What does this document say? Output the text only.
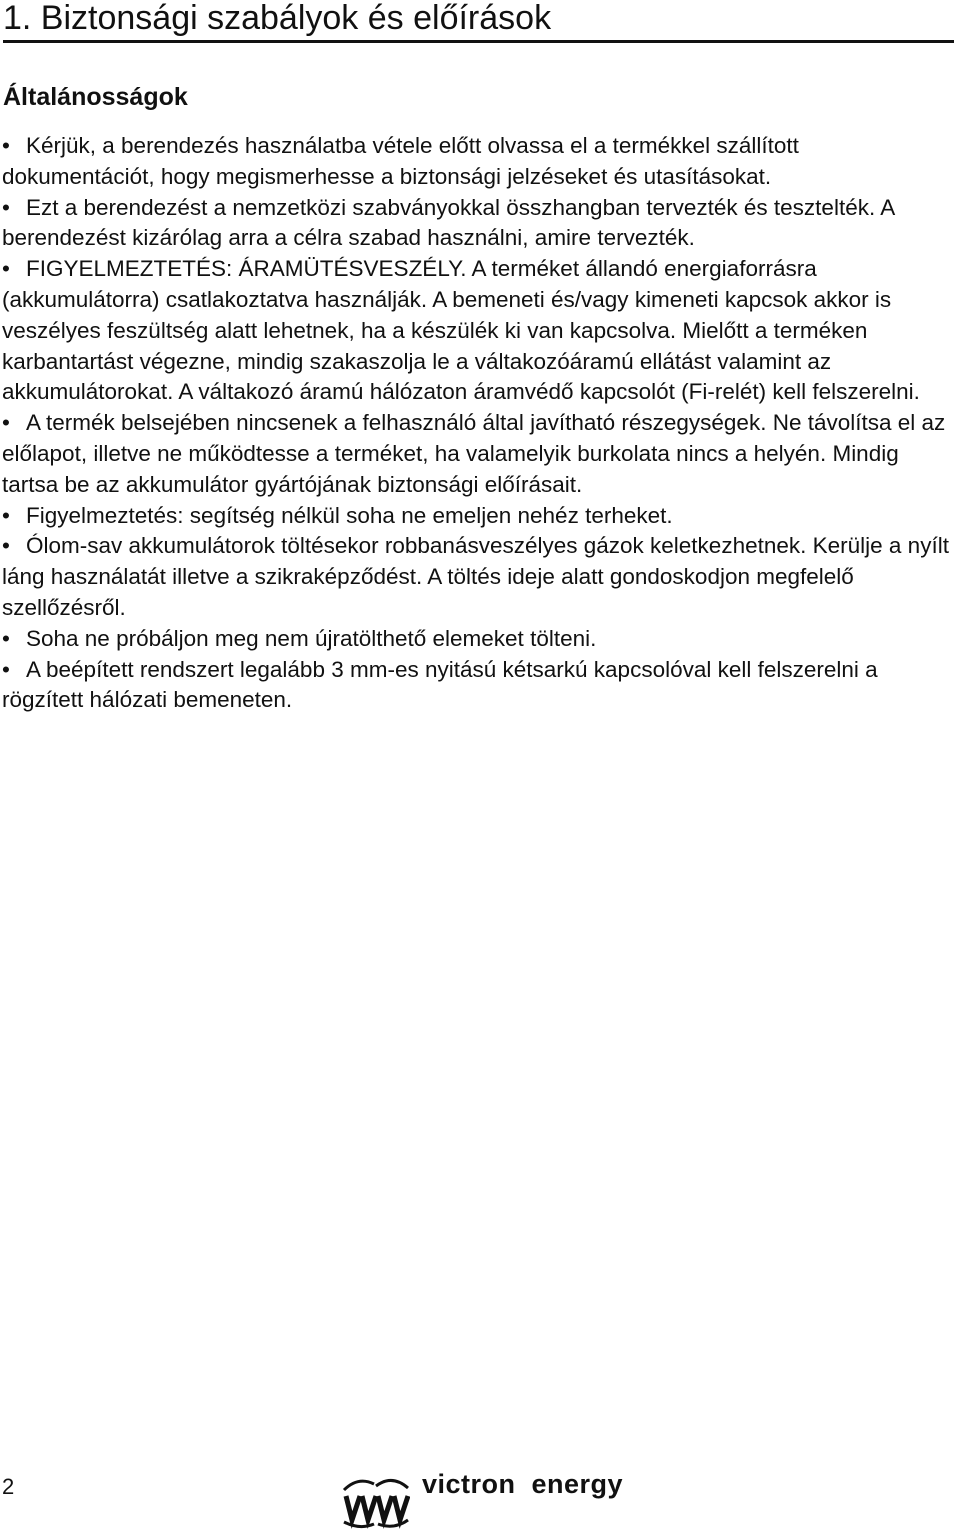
1. Biztonsági szabályok és előírások
Általánosságok
• Kérjük, a berendezés használatba vétele előtt olvassa el a termékkel szállított dokumentációt, hogy megismerhesse a biztonsági jelzéseket és utasításokat.
• Ezt a berendezést a nemzetközi szabványokkal összhangban tervezték és tesztelték. A berendezést kizárólag arra a célra szabad használni, amire tervezték.
• FIGYELMEZTETÉS: ÁRAMÜTÉSVESZÉLY. A terméket állandó energiaforrásra (akkumulátorra) csatlakoztatva használják. A bemeneti és/vagy kimeneti kapcsok akkor is veszélyes feszültség alatt lehetnek, ha a készülék ki van kapcsolva. Mielőtt a terméken karbantartást végezne, mindig szakaszolja le a váltakozóáramú ellátást valamint az akkumulátorokat. A váltakozó áramú hálózaton áramvédő kapcsolót (Fi-relét) kell felszerelni.
• A termék belsejében nincsenek a felhasználó által javítható részegységek. Ne távolítsa el az előlapot, illetve ne működtesse a terméket, ha valamelyik burkolata nincs a helyén. Mindig tartsa be az akkumulátor gyártójának biztonsági előírásait.
• Figyelmeztetés: segítség nélkül soha ne emeljen nehéz terheket.
• Ólom-sav akkumulátorok töltésekor robbanásveszélyes gázok keletkezhetnek. Kerülje a nyílt láng használatát illetve a szikraképződést. A töltés ideje alatt gondoskodjon megfelelő szellőzésről.
• Soha ne próbáljon meg nem újratölthető elemeket tölteni.
• A beépített rendszert legalább 3 mm-es nyitású kétsarkú kapcsolóval kell felszerelni a rögzített hálózati bemeneten.
2	victron  energy
